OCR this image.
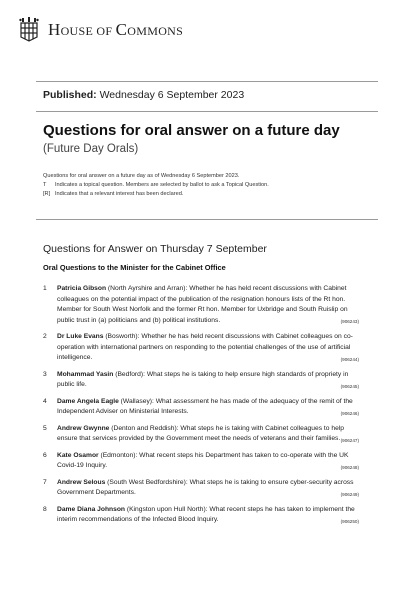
HOUSE OF COMMONS
Published: Wednesday 6 September 2023
Questions for oral answer on a future day
(Future Day Orals)
Questions for oral answer on a future day as of Wednesday 6 September 2023.
T	Indicates a topical question. Members are selected by ballot to ask a Topical Question.
[R] Indicates that a relevant interest has been declared.
Questions for Answer on Thursday 7 September
Oral Questions to the Minister for the Cabinet Office
1	Patricia Gibson (North Ayrshire and Arran): Whether he has held recent discussions with Cabinet colleagues on the potential impact of the publication of the resignation honours lists of the Rt hon. Member for South West Norfolk and the former Rt hon. Member for Uxbridge and South Ruislip on public trust in (a) politicians and (b) political institutions.	(906243)
2	Dr Luke Evans (Bosworth): Whether he has held recent discussions with Cabinet colleagues on co-operation with international partners on responding to the potential challenges of the use of artificial intelligence.	(906244)
3	Mohammad Yasin (Bedford): What steps he is taking to help ensure high standards of propriety in public life.	(906245)
4	Dame Angela Eagle (Wallasey): What assessment he has made of the adequacy of the remit of the Independent Adviser on Ministerial Interests.	(906246)
5	Andrew Gwynne (Denton and Reddish): What steps he is taking with Cabinet colleagues to help ensure that services provided by the Government meet the needs of veterans and their families. (906247)
6	Kate Osamor (Edmonton): What recent steps his Department has taken to co-operate with the UK Covid-19 Inquiry.	(906248)
7	Andrew Selous (South West Bedfordshire): What steps he is taking to ensure cyber-security across Government Departments.	(906249)
8	Dame Diana Johnson (Kingston upon Hull North): What recent steps he has taken to implement the interim recommendations of the Infected Blood Inquiry.	(906250)
